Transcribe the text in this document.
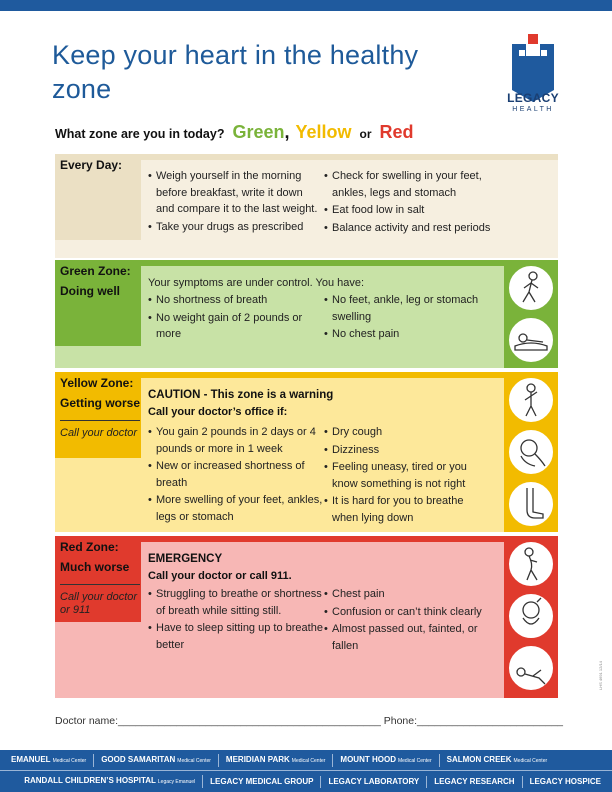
Keep your heart in the healthy zone	LEGACY
HEALTH
What zone are you in today? Green , Yellow or Red
Every Day:
• Weigh yourself in the morning before breakfast, write it down and compare it to the last weight.
• Take your drugs as prescribed
• Check for swelling in your feet, ankles, legs and stomach
• Eat food low in salt
• Balance activity and rest periods
Green Zone:
Doing well
Your symptoms are under control. You have:
• No shortness of breath
• No weight gain of 2 pounds or more
• No feet, ankle, leg or stomach swelling
• No chest pain
Yellow Zone:
Getting worse
Call your doctor
CAUTION - This zone is a warning
Call your doctor’s office if:
• You gain 2 pounds in 2 days or 4 pounds or more in 1 week
• New or increased shortness of breath
• More swelling of your feet, ankles, legs or stomach
• Dry cough
• Dizziness
• Feeling uneasy, tired or you know something is not right
• It is hard for you to breathe when lying down
Red Zone:
Much worse
Call your doctor or 911
EMERGENCY
Call your doctor or call 911.
• Struggling to breathe or shortness of breath while sitting still.
• Have to sleep sitting up to breathe better
• Chest pain
• Confusion or can’t think clearly
• Almost passed out, fainted, or fallen
Doctor name:_____________________________________________ Phone:_________________________
LHS 4691 12/14
EMANUEL Medical Center	GOOD SAMARITAN Medical Center	MERIDIAN PARK Medical Center	MOUNT HOOD Medical Center	SALMON CREEK Medical Center
RANDALL CHILDREN’S HOSPITAL Legacy Emanuel	LEGACY MEDICAL GROUP	LEGACY LABORATORY	LEGACY RESEARCH	LEGACY HOSPICE
